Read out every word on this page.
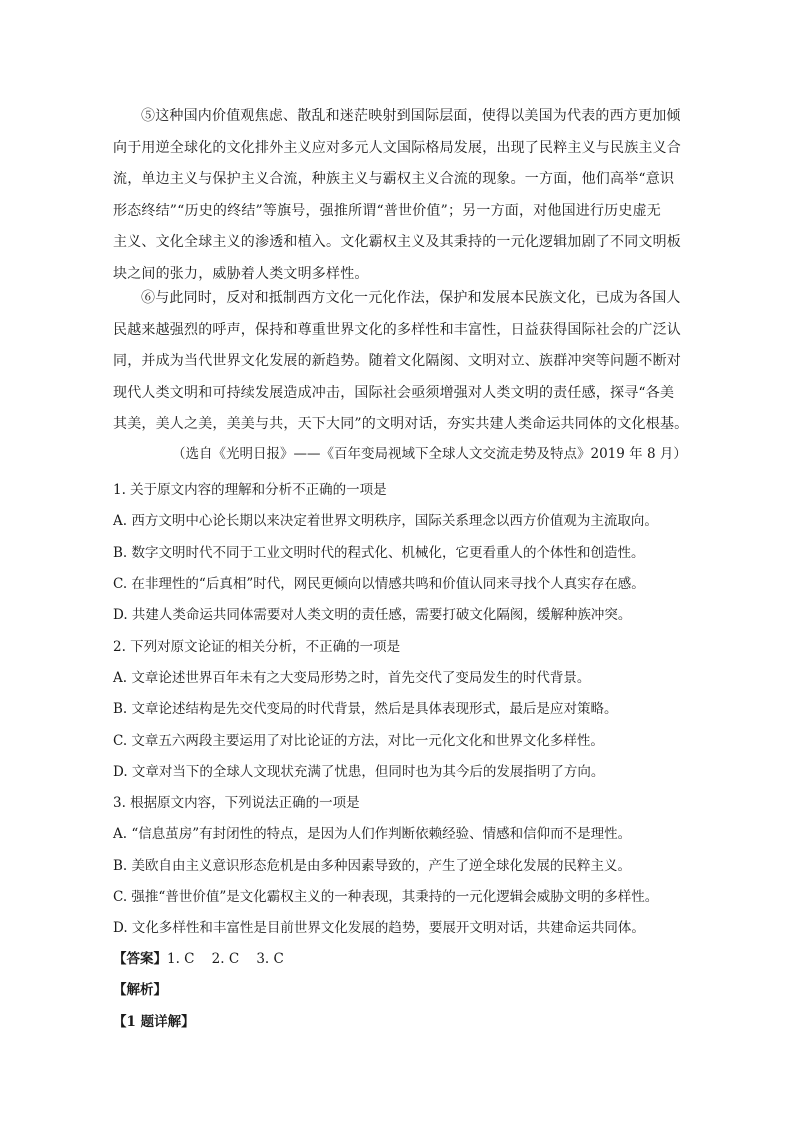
⑤这种国内价值观焦虑、散乱和迷茫映射到国际层面，使得以美国为代表的西方更加倾
向于用逆全球化的文化排外主义应对多元人文国际格局发展，出现了民粹主义与民族主义合
流，单边主义与保护主义合流，种族主义与霸权主义合流的现象。一方面，他们高举“意识
形态终结”“历史的终结”等旗号，强推所谓“普世价值”；另一方面，对他国进行历史虚无
主义、文化全球主义的渗透和植入。文化霸权主义及其秉持的一元化逻辑加剧了不同文明板
块之间的张力，威胁着人类文明多样性。
⑥与此同时，反对和抵制西方文化一元化作法，保护和发展本民族文化，已成为各国人
民越来越强烈的呼声，保持和尊重世界文化的多样性和丰富性，日益获得国际社会的广泛认
同，并成为当代世界文化发展的新趋势。随着文化隔阂、文明对立、族群冲突等问题不断对
现代人类文明和可持续发展造成冲击，国际社会亟须增强对人类文明的责任感，探寻“各美
其美，美人之美，美美与共，天下大同”的文明对话，夯实共建人类命运共同体的文化根基。
（选自《光明日报》——《百年变局视域下全球人文交流走势及特点》2019 年 8 月）
1. 关于原文内容的理解和分析不正确的一项是
A. 西方文明中心论长期以来决定着世界文明秩序，国际关系理念以西方价值观为主流取向。
B. 数字文明时代不同于工业文明时代的程式化、机械化，它更看重人的个体性和创造性。
C. 在非理性的“后真相”时代，网民更倾向以情感共鸣和价值认同来寻找个人真实存在感。
D. 共建人类命运共同体需要对人类文明的责任感，需要打破文化隔阂，缓解种族冲突。
2. 下列对原文论证的相关分析，不正确的一项是
A. 文章论述世界百年未有之大变局形势之时，首先交代了变局发生的时代背景。
B. 文章论述结构是先交代变局的时代背景，然后是具体表现形式，最后是应对策略。
C. 文章五六两段主要运用了对比论证的方法，对比一元化文化和世界文化多样性。
D. 文章对当下的全球人文现状充满了忧患，但同时也为其今后的发展指明了方向。
3. 根据原文内容，下列说法正确的一项是
A. “信息茧房”有封闭性的特点，是因为人们作判断依赖经验、情感和信仰而不是理性。
B. 美欧自由主义意识形态危机是由多种因素导致的，产生了逆全球化发展的民粹主义。
C. 强推“普世价值”是文化霸权主义的一种表现，其秉持的一元化逻辑会威胁文明的多样性。
D. 文化多样性和丰富性是目前世界文化发展的趋势，要展开文明对话，共建命运共同体。
【答案】1. C    2. C    3. C
【解析】
【1 题详解】
